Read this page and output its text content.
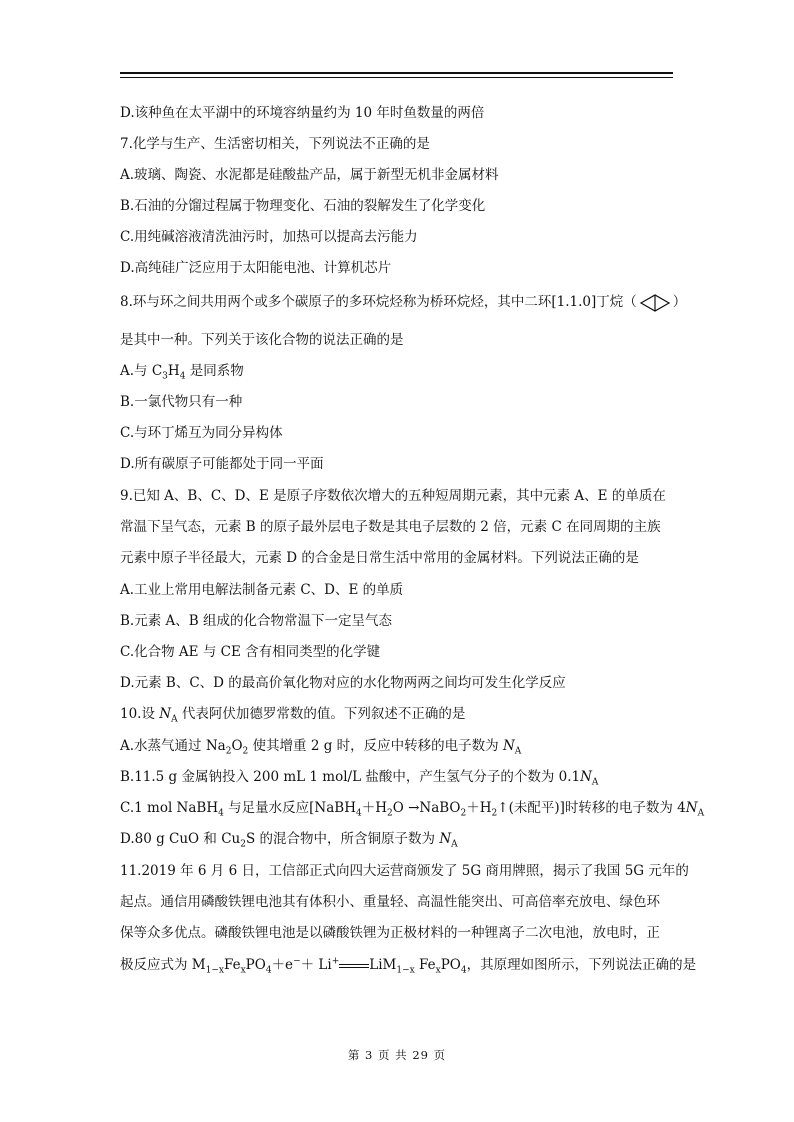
D.该种鱼在太平湖中的环境容纳量约为 10 年时鱼数量的两倍
7.化学与生产、生活密切相关，下列说法不正确的是
A.玻璃、陶瓷、水泥都是硅酸盐产品，属于新型无机非金属材料
B.石油的分馏过程属于物理变化、石油的裂解发生了化学变化
C.用纯碱溶液清洗油污时，加热可以提高去污能力
D.高纯硅广泛应用于太阳能电池、计算机芯片
8.环与环之间共用两个或多个碳原子的多环烷烃称为桥环烷烃，其中二环[1.1.0]丁烷（	）
是其中一种。下列关于该化合物的说法正确的是
A.与 $C_3H_4$ 是同系物
B.一氯代物只有一种
C.与环丁烯互为同分异构体
D.所有碳原子可能都处于同一平面
9.已知 A、B、C、D、E 是原子序数依次增大的五种短周期元素，其中元素 A、E 的单质在
常温下呈气态，元素 B 的原子最外层电子数是其电子层数的 2 倍，元素 C 在同周期的主族
元素中原子半径最大，元素 D 的合金是日常生活中常用的金属材料。下列说法正确的是
A.工业上常用电解法制备元素 C、D、E 的单质
B.元素 A、B 组成的化合物常温下一定呈气态
C.化合物 AE 与 CE 含有相同类型的化学键
D.元素 B、C、D 的最高价氧化物对应的水化物两两之间均可发生化学反应
10.设 $N_A$ 代表阿伏加德罗常数的值。下列叙述不正确的是
A.水蒸气通过 $Na_2O_2$ 使其增重 2 g 时，反应中转移的电子数为 $N_A$
B.11.5 g 金属钠投入 200 mL 1 mol/L 盐酸中，产生氢气分子的个数为 $0.1N_A$
C.1 mol NaBH$_4$ 与足量水反应[$NaBH_4+H_2O$ $\to NaBO_2+H_2↑$(未配平)]时转移的电子数为 $4N_A$
D.80 g CuO 和 $Cu_2S$ 的混合物中，所含铜原子数为 $N_A$
11.2019 年 6 月 6 日，工信部正式向四大运营商颁发了 5G 商用牌照，揭示了我国 5G 元年的
起点。通信用磷酸铁锂电池其有体积小、重量轻、高温性能突出、可高倍率充放电、绿色环
保等众多优点。磷酸铁锂电池是以磷酸铁锂为正极材料的一种锂离子二次电池，放电时，正
极反应式为 $M_{1-x}Fe_xPO_4+e^-+ Li^+$ LiM$_{1-x}$ $Fe_xPO_4$，其原理如图所示，下列说法正确的是
第 3 页 共 29 页
